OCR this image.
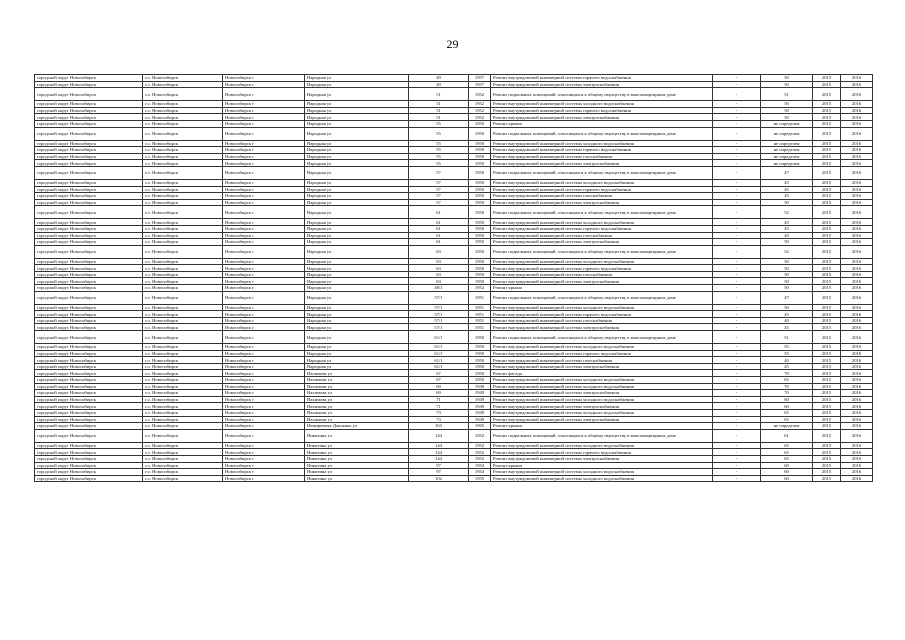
29
городской округ Новосибирск	г.о. Новосибирск	Новосибирск г	Народная ул	49	1957	Ремонт внутридомовой инженерной системы горячего водоснабжения	-	50	2015	2016
городской округ Новосибирск	г.о. Новосибирск	Новосибирск г	Народная ул	49	1957	Ремонт внутридомовой инженерной системы электроснабжения	-	50	2015	2016
городской округ Новосибирск	г.о. Новосибирск	Новосибирск г	Народная ул	51	1952	Ремонт подвальных помещений, относящихся к общему имуществу в многоквартирном доме	-	51	2015	2016
городской округ Новосибирск	г.о. Новосибирск	Новосибирск г	Народная ул	51	1952	Ремонт внутридомовой инженерной системы холодного водоснабжения	-	50	2015	2016
городской округ Новосибирск	г.о. Новосибирск	Новосибирск г	Народная ул	51	1952	Ремонт внутридомовой инженерной системы горячего водоснабжения	-	50	2015	2016
городской округ Новосибирск	г.о. Новосибирск	Новосибирск г	Народная ул	51	1952	Ремонт внутридомовой инженерной системы электроснабжения	-	50	2015	2016
городской округ Новосибирск	г.о. Новосибирск	Новосибирск г	Народная ул	55	1950	Ремонт крыши	-	не определен	2015	2016
городской округ Новосибирск	г.о. Новосибирск	Новосибирск г	Народная ул	55	1950	Ремонт подвальных помещений, относящихся к общему имуществу в многоквартирном доме	-	не определен	2015	2016
городской округ Новосибирск	г.о. Новосибирск	Новосибирск г	Народная ул	55	1950	Ремонт внутридомовой инженерной системы холодного водоснабжения	-	не определен	2015	2016
городской округ Новосибирск	г.о. Новосибирск	Новосибирск г	Народная ул	55	1950	Ремонт внутридомовой инженерной системы горячего водоснабжения	-	не определен	2015	2016
городской округ Новосибирск	г.о. Новосибирск	Новосибирск г	Народная ул	55	1950	Ремонт внутридомовой инженерной системы газоснабжения	-	не определен	2015	2016
городской округ Новосибирск	г.о. Новосибирск	Новосибирск г	Народная ул	55	1950	Ремонт внутридомовой инженерной системы электроснабжения	-	не определен	2015	2016
городской округ Новосибирск	г.о. Новосибирск	Новосибирск г	Народная ул	57	1950	Ремонт подвальных помещений, относящихся к общему имуществу в многоквартирном доме	-	47	2015	2016
городской округ Новосибирск	г.о. Новосибирск	Новосибирск г	Народная ул	57	1950	Ремонт внутридомовой инженерной системы холодного водоснабжения	-	45	2015	2016
городской округ Новосибирск	г.о. Новосибирск	Новосибирск г	Народная ул	57	1950	Ремонт внутридомовой инженерной системы горячего водоснабжения	-	45	2015	2016
городской округ Новосибирск	г.о. Новосибирск	Новосибирск г	Народная ул	57	1950	Ремонт внутридомовой инженерной системы газоснабжения	-	45	2015	2016
городской округ Новосибирск	г.о. Новосибирск	Новосибирск г	Народная ул	57	1950	Ремонт внутридомовой инженерной системы электроснабжения	-	50	2015	2016
городской округ Новосибирск	г.о. Новосибирск	Новосибирск г	Народная ул	61	1950	Ремонт подвальных помещений, относящихся к общему имуществу в многоквартирном доме	-	52	2015	2016
городской округ Новосибирск	г.о. Новосибирск	Новосибирск г	Народная ул	61	1950	Ремонт внутридомовой инженерной системы холодного водоснабжения	-	45	2015	2016
городской округ Новосибирск	г.о. Новосибирск	Новосибирск г	Народная ул	61	1950	Ремонт внутридомовой инженерной системы горячего водоснабжения	-	45	2015	2016
городской округ Новосибирск	г.о. Новосибирск	Новосибирск г	Народная ул	61	1950	Ремонт внутридомовой инженерной системы газоснабжения	-	40	2015	2016
городской округ Новосибирск	г.о. Новосибирск	Новосибирск г	Народная ул	61	1950	Ремонт внутридомовой инженерной системы электроснабжения	-	50	2015	2016
городской округ Новосибирск	г.о. Новосибирск	Новосибирск г	Народная ул	63	1950	Ремонт подвальных помещений, относящихся к общему имуществу в многоквартирном доме	-	52	2015	2016
городской округ Новосибирск	г.о. Новосибирск	Новосибирск г	Народная ул	63	1950	Ремонт внутридомовой инженерной системы холодного водоснабжения	-	50	2015	2016
городской округ Новосибирск	г.о. Новосибирск	Новосибирск г	Народная ул	63	1950	Ремонт внутридомовой инженерной системы горячего водоснабжения	-	50	2015	2016
городской округ Новосибирск	г.о. Новосибирск	Новосибирск г	Народная ул	63	1950	Ремонт внутридомовой инженерной системы газоснабжения	-	50	2015	2016
городской округ Новосибирск	г.о. Новосибирск	Новосибирск г	Народная ул	63	1950	Ремонт внутридомовой инженерной системы электроснабжения	-	50	2015	2016
городской округ Новосибирск	г.о. Новосибирск	Новосибирск г	Народная ул	49/1	1952	Ремонт крыши	-	50	2015	2016
городской округ Новосибирск	г.о. Новосибирск	Новосибирск г	Народная ул	57/1	1951	Ремонт подвальных помещений, относящихся к общему имуществу в многоквартирном доме	-	47	2015	2016
городской округ Новосибирск	г.о. Новосибирск	Новосибирск г	Народная ул	57/1	1951	Ремонт внутридомовой инженерной системы холодного водоснабжения	-	50	2015	2016
городской округ Новосибирск	г.о. Новосибирск	Новосибирск г	Народная ул	57/1	1951	Ремонт внутридомовой инженерной системы горячего водоснабжения	-	45	2015	2016
городской округ Новосибирск	г.о. Новосибирск	Новосибирск г	Народная ул	57/1	1951	Ремонт внутридомовой инженерной системы газоснабжения	-	40	2015	2016
городской округ Новосибирск	г.о. Новосибирск	Новосибирск г	Народная ул	57/1	1951	Ремонт внутридомовой инженерной системы электроснабжения	-	45	2015	2016
городской округ Новосибирск	г.о. Новосибирск	Новосибирск г	Народная ул	61/1	1950	Ремонт подвальных помещений, относящихся к общему имуществу в многоквартирном доме	-	51	2015	2016
городской округ Новосибирск	г.о. Новосибирск	Новосибирск г	Народная ул	61/1	1950	Ремонт внутридомовой инженерной системы холодного водоснабжения	-	55	2015	2016
городской округ Новосибирск	г.о. Новосибирск	Новосибирск г	Народная ул	61/1	1950	Ремонт внутридомовой инженерной системы горячего водоснабжения	-	55	2015	2016
городской округ Новосибирск	г.о. Новосибирск	Новосибирск г	Народная ул	61/1	1950	Ремонт внутридомовой инженерной системы газоснабжения	-	40	2015	2016
городской округ Новосибирск	г.о. Новосибирск	Новосибирск г	Народная ул	61/1	1950	Ремонт внутридомовой инженерной системы электроснабжения	-	45	2015	2016
городской округ Новосибирск	г.о. Новосибирск	Новосибирск г	Нахимова ул	67	1950	Ремонт фасада	-	70	2015	2016
городской округ Новосибирск	г.о. Новосибирск	Новосибирск г	Нахимова ул	67	1950	Ремонт внутридомовой инженерной системы холодного водоснабжения	-	65	2015	2016
городской округ Новосибирск	г.о. Новосибирск	Новосибирск г	Нахимова ул	69	1949	Ремонт внутридомовой инженерной системы холодного водоснабжения	-	70	2015	2016
городской округ Новосибирск	г.о. Новосибирск	Новосибирск г	Нахимова ул	69	1949	Ремонт внутридомовой инженерной системы электроснабжения	-	70	2015	2016
городской округ Новосибирск	г.о. Новосибирск	Новосибирск г	Нахимова ул	71	1949	Ремонт внутридомовой инженерной системы холодного водоснабжения	-	60	2015	2016
городской округ Новосибирск	г.о. Новосибирск	Новосибирск г	Нахимова ул	71	1949	Ремонт внутридомовой инженерной системы электроснабжения	-	60	2015	2016
городской округ Новосибирск	г.о. Новосибирск	Новосибирск г	Нахимова ул	73	1949	Ремонт внутридомовой инженерной системы холодного водоснабжения	-	65	2015	2016
городской округ Новосибирск	г.о. Новосибирск	Новосибирск г	Нахимова ул	73	1949	Ремонт внутридомовой инженерной системы электроснабжения	-	65	2015	2016
городской округ Новосибирск	г.о. Новосибирск	Новосибирск г	Немировича-Данченко ул	163	1965	Ремонт крыши	-	не определен	2015	2016
городской округ Новосибирск	г.о. Новосибирск	Новосибирск г	Никитина ул	144	1952	Ремонт подвальных помещений, относящихся к общему имуществу в многоквартирном доме	-	61	2015	2016
городской округ Новосибирск	г.о. Новосибирск	Новосибирск г	Никитина ул	144	1952	Ремонт внутридомовой инженерной системы холодного водоснабжения	-	65	2015	2016
городской округ Новосибирск	г.о. Новосибирск	Новосибирск г	Никитина ул	144	1952	Ремонт внутридомовой инженерной системы горячего водоснабжения	-	65	2015	2016
городской округ Новосибирск	г.о. Новосибирск	Новосибирск г	Никитина ул	144	1952	Ремонт внутридомовой инженерной системы электроснабжения	-	65	2015	2016
городской округ Новосибирск	г.о. Новосибирск	Новосибирск г	Никитина ул	97	1954	Ремонт крыши	-	60	2015	2016
городской округ Новосибирск	г.о. Новосибирск	Новосибирск г	Никитина ул	97	1954	Ремонт внутридомовой инженерной системы холодного водоснабжения	-	60	2015	2016
городской округ Новосибирск	г.о. Новосибирск	Новосибирск г	Никитина ул	102	1955	Ремонт внутридомовой инженерной системы холодного водоснабжения	-	60	2015	2016
